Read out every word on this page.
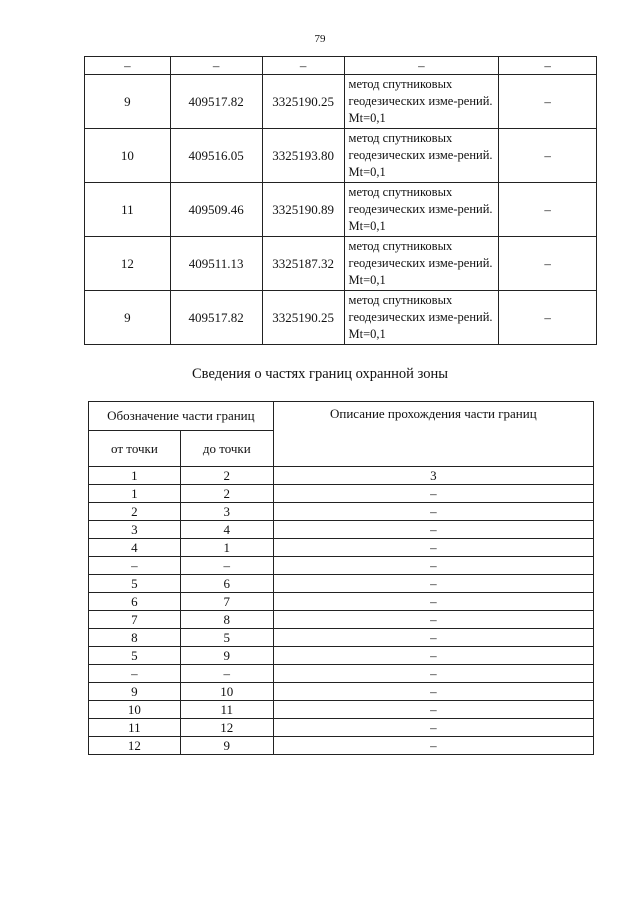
79
–	–	–	–	–
9	409517.82	3325190.25	метод спутниковых геодезических изме-рений. Mt=0,1	–
10	409516.05	3325193.80	метод спутниковых геодезических изме-рений. Mt=0,1	–
11	409509.46	3325190.89	метод спутниковых геодезических изме-рений. Mt=0,1	–
12	409511.13	3325187.32	метод спутниковых геодезических изме-рений. Mt=0,1	–
9	409517.82	3325190.25	метод спутниковых геодезических изме-рений. Mt=0,1	–
Сведения о частях границ охранной зоны
Обозначение части границ		Описание прохождения части границ
от точки	до точки	
1	2	3
1	2	–
2	3	–
3	4	–
4	1	–
–	–	–
5	6	–
6	7	–
7	8	–
8	5	–
5	9	–
–	–	–
9	10	–
10	11	–
11	12	–
12	9	–
